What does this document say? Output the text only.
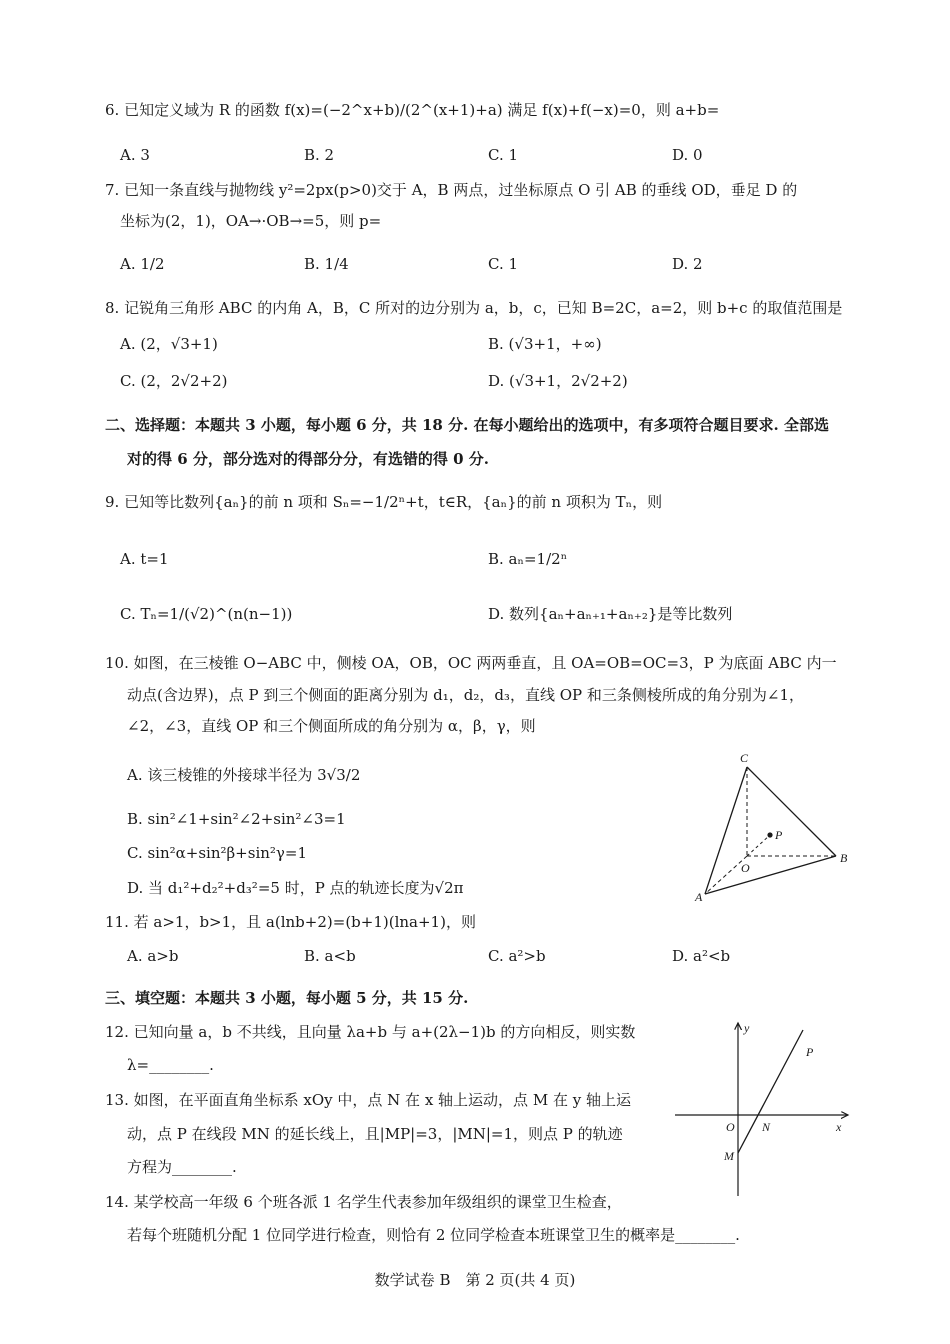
6. 已知定义域为 R 的函数 f(x)=(−2^x+b)/(2^(x+1)+a) 满足 f(x)+f(−x)=0，则 a+b=
A. 3	B. 2	C. 1	D. 0
7. 已知一条直线与抛物线 y²=2px(p>0)交于 A，B 两点，过坐标原点 O 引 AB 的垂线 OD，垂足 D 的
坐标为(2，1)，OA→·OB→=5，则 p=
A. 1/2	B. 1/4	C. 1	D. 2
8. 记锐角三角形 ABC 的内角 A，B，C 所对的边分别为 a，b，c，已知 B=2C，a=2，则 b+c 的取值范围是
A. (2，√3+1)	B. (√3+1，+∞)
C. (2，2√2+2)	D. (√3+1，2√2+2)
二、选择题：本题共 3 小题，每小题 6 分，共 18 分. 在每小题给出的选项中，有多项符合题目要求. 全部选
对的得 6 分，部分选对的得部分分，有选错的得 0 分.
9. 已知等比数列{aₙ}的前 n 项和 Sₙ=−1/2ⁿ+t，t∈R，{aₙ}的前 n 项积为 Tₙ，则
A. t=1	B. aₙ=1/2ⁿ
C. Tₙ=1/(√2)^(n(n−1))	D. 数列{aₙ+aₙ₊₁+aₙ₊₂}是等比数列
10. 如图，在三棱锥 O−ABC 中，侧棱 OA，OB，OC 两两垂直，且 OA=OB=OC=3，P 为底面 ABC 内一
动点(含边界)，点 P 到三个侧面的距离分别为 d₁，d₂，d₃，直线 OP 和三条侧棱所成的角分别为∠1，
∠2，∠3，直线 OP 和三个侧面所成的角分别为 α，β，γ，则
A. 该三棱锥的外接球半径为 3√3/2
B. sin²∠1+sin²∠2+sin²∠3=1
C. sin²α+sin²β+sin²γ=1
D. 当 d₁²+d₂²+d₃²=5 时，P 点的轨迹长度为√2π
C
P
O
B
A
11. 若 a>1，b>1，且 a(lnb+2)=(b+1)(lna+1)，则
A. a>b	B. a<b	C. a²>b	D. a²<b
三、填空题：本题共 3 小题，每小题 5 分，共 15 分.
12. 已知向量 a，b 不共线，且向量 λa+b 与 a+(2λ−1)b 的方向相反，则实数
λ=________.
13. 如图，在平面直角坐标系 xOy 中，点 N 在 x 轴上运动，点 M 在 y 轴上运
动，点 P 在线段 MN 的延长线上，且|MP|=3，|MN|=1，则点 P 的轨迹
方程为________.
y
x
O N
M
P
14. 某学校高一年级 6 个班各派 1 名学生代表参加年级组织的课堂卫生检查，
若每个班随机分配 1 位同学进行检查，则恰有 2 位同学检查本班课堂卫生的概率是________.
数学试卷 B　第 2 页(共 4 页)
